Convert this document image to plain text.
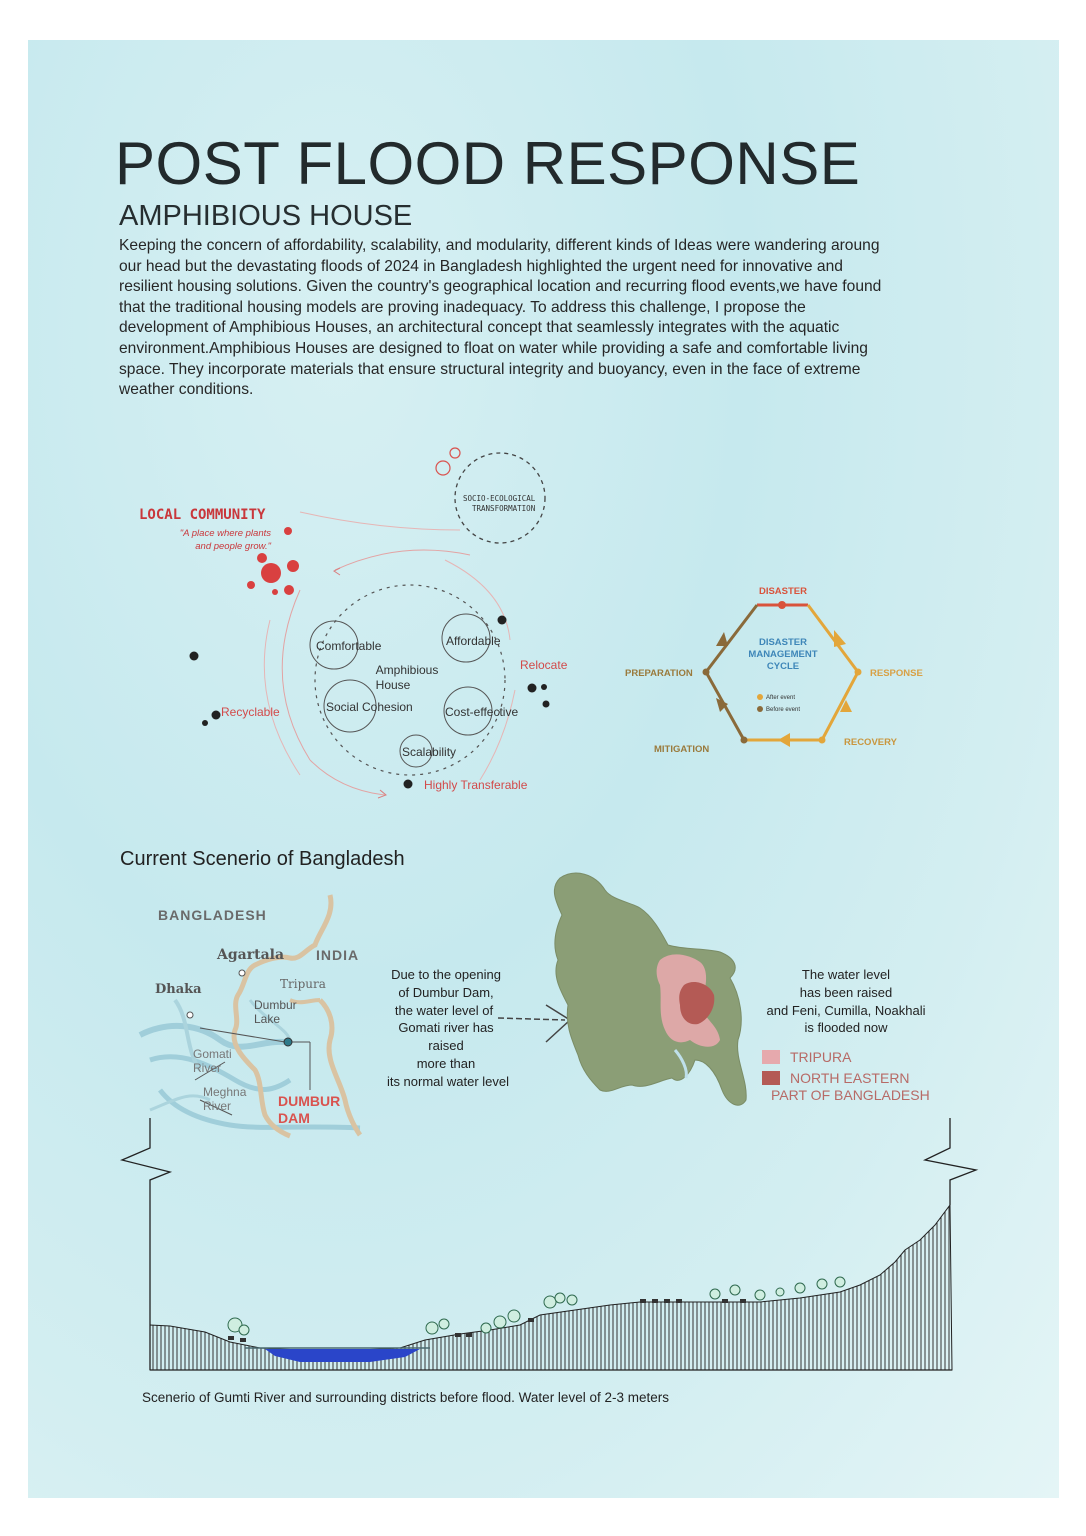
POST FLOOD RESPONSE
AMPHIBIOUS HOUSE
Keeping the concern of affordability, scalability, and modularity, different kinds of Ideas were wandering aroung our head but the devastating floods of 2024 in Bangladesh highlighted the urgent need for innovative and resilient housing solutions. Given the country's geographical location and recurring flood events,we have found that the traditional housing models are proving inadequacy. To address this challenge, I propose the development of Amphibious Houses, an architectural concept that seamlessly integrates with the aquatic environment.Amphibious Houses are designed to float on water while providing a safe and comfortable living space. They incorporate materials that ensure structural integrity and buoyancy, even in the face of extreme weather conditions.
LOCAL COMMUNITY
"A place where plants
and people grow."
SOCIO-ECOLOGICAL
TRANSFORMATION
Amphibious
House
Comfortable	Affordable
Social Cohesion	Cost-effective
Scalability
Relocate
Recyclable
Highly Transferable
DISASTER
RESPONSE
RECOVERY
MITIGATION
PREPARATION
DISASTER
MANAGEMENT
CYCLE
After event
Before event
Current Scenerio of Bangladesh
BANGLADESH
INDIA
Agartala
Tripura
Dhaka
Dumbur
Lake
Gomati
River
Meghna
River	DUMBUR
DAM
Due to the opening
of Dumbur Dam,
the water level of
Gomati river has
raised
more than
its normal water level
The water level
has been raised
and Feni, Cumilla, Noakhali
is flooded now
TRIPURA
NORTH EASTERN
PART OF BANGLADESH
Scenerio of Gumti River and surrounding districts before flood. Water level of 2-3 meters
